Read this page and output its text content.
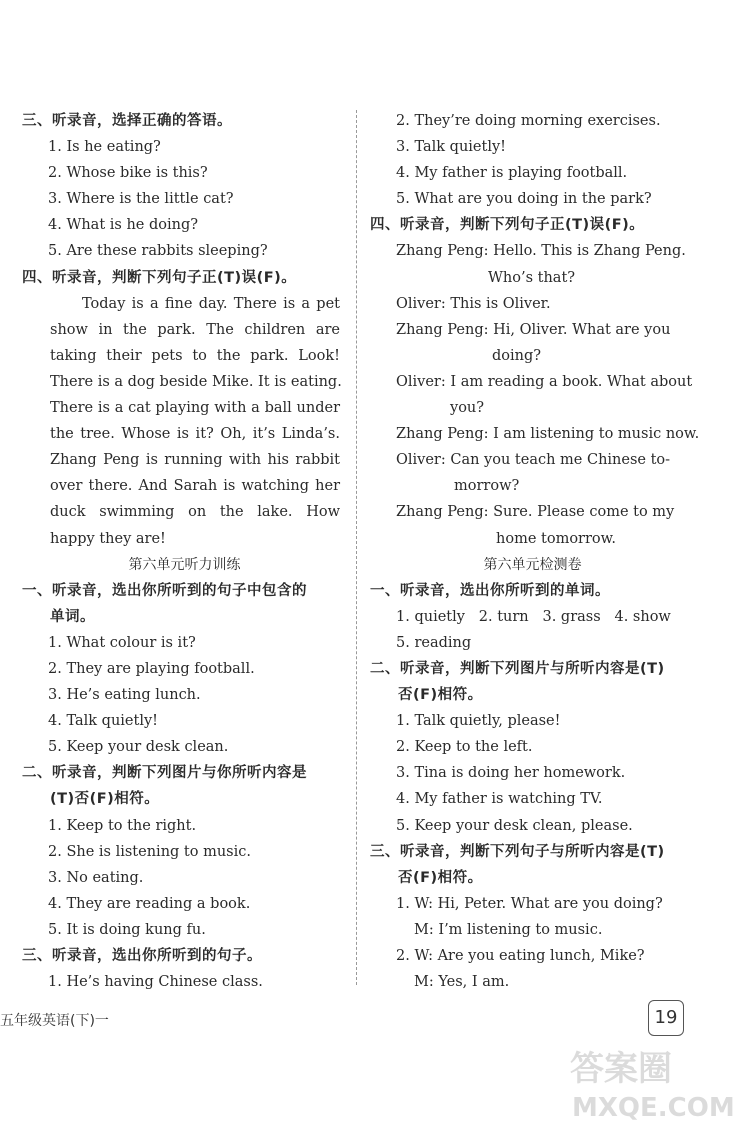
三、听录音，选择正确的答语。
1. Is he eating?
2. Whose bike is this?
3. Where is the little cat?
4. What is he doing?
5. Are these rabbits sleeping?
四、听录音，判断下列句子正(T)误(F)。
Today is a fine day. There is a pet
show in the park. The children are
taking their pets to the park. Look!
There is a dog beside Mike. It is eating.
There is a cat playing with a ball under
the tree. Whose is it? Oh, it’s Linda’s.
Zhang Peng is running with his rabbit
over there. And Sarah is watching her
duck swimming on the lake. How
happy they are!
第六单元听力训练
一、听录音，选出你所听到的句子中包含的
单词。
1. What colour is it?
2. They are playing football.
3. He’s eating lunch.
4. Talk quietly!
5. Keep your desk clean.
二、听录音，判断下列图片与你所听内容是
(T)否(F)相符。
1. Keep to the right.
2. She is listening to music.
3. No eating.
4. They are reading a book.
5. It is doing kung fu.
三、听录音，选出你所听到的句子。
1. He’s having Chinese class.
2. They’re doing morning exercises.
3. Talk quietly!
4. My father is playing football.
5. What are you doing in the park?
四、听录音，判断下列句子正(T)误(F)。
Zhang Peng: Hello. This is Zhang Peng.
Who’s that?
Oliver: This is Oliver.
Zhang Peng: Hi, Oliver. What are you
doing?
Oliver: I am reading a book. What about
you?
Zhang Peng: I am listening to music now.
Oliver: Can you teach me Chinese to-
morrow?
Zhang Peng: Sure. Please come to my
home tomorrow.
第六单元检测卷
一、听录音，选出你所听到的单词。
1. quietly   2. turn   3. grass   4. show
5. reading
二、听录音，判断下列图片与所听内容是(T)
否(F)相符。
1. Talk quietly, please!
2. Keep to the left.
3. Tina is doing her homework.
4. My father is watching TV.
5. Keep your desk clean, please.
三、听录音，判断下列句子与所听内容是(T)
否(F)相符。
1. W: Hi, Peter. What are you doing?
M: I’m listening to music.
2. W: Are you eating lunch, Mike?
M: Yes, I am.
五年级英语(下)一	19
答案圈
MXQE.COM
